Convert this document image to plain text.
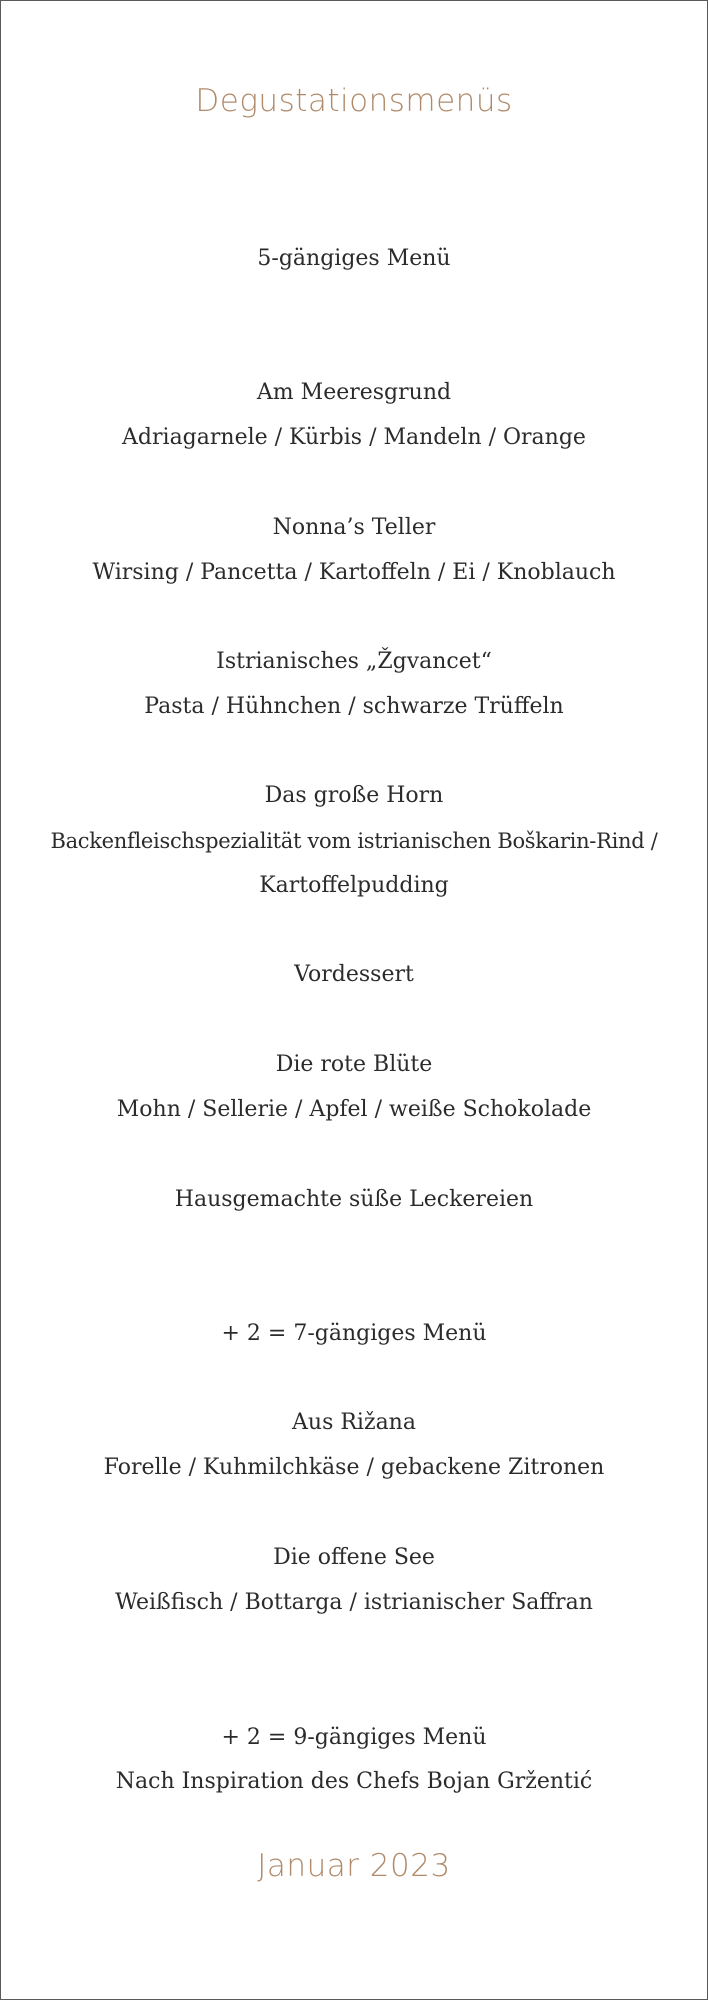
Degustationsmenüs
5-gängiges Menü
Am Meeresgrund
Adriagarnele / Kürbis / Mandeln / Orange
Nonna’s Teller
Wirsing / Pancetta / Kartoffeln / Ei / Knoblauch
Istrianisches „Žgvancet“
Pasta / Hühnchen / schwarze Trüffeln
Das große Horn
Backenfleischspezialität vom istrianischen Boškarin-Rind /
Kartoffelpudding
Vordessert
Die rote Blüte
Mohn / Sellerie / Apfel / weiße Schokolade
Hausgemachte süße Leckereien
+ 2 = 7-gängiges Menü
Aus Rižana
Forelle / Kuhmilchkäse / gebackene Zitronen
Die offene See
Weißfisch / Bottarga / istrianischer Saffran
+ 2 = 9-gängiges Menü
Nach Inspiration des Chefs Bojan Gržentić
Januar 2023
